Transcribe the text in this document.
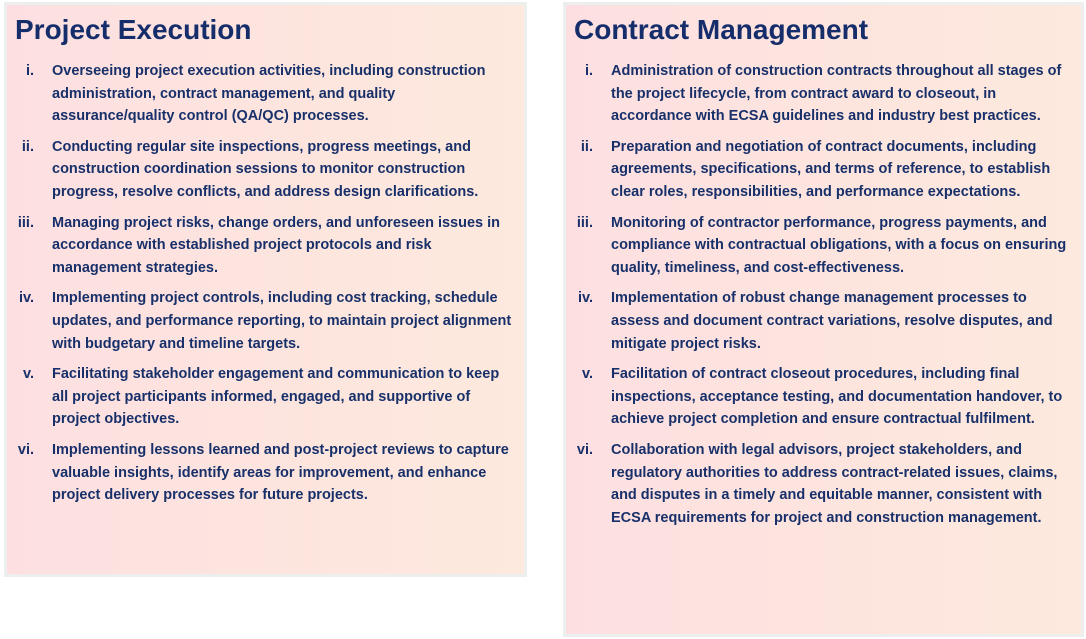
Project Execution
i. Overseeing project execution activities, including construction administration, contract management, and quality assurance/quality control (QA/QC) processes.
ii. Conducting regular site inspections, progress meetings, and construction coordination sessions to monitor construction progress, resolve conflicts, and address design clarifications.
iii. Managing project risks, change orders, and unforeseen issues in accordance with established project protocols and risk management strategies.
iv. Implementing project controls, including cost tracking, schedule updates, and performance reporting, to maintain project alignment with budgetary and timeline targets.
v. Facilitating stakeholder engagement and communication to keep all project participants informed, engaged, and supportive of project objectives.
vi. Implementing lessons learned and post-project reviews to capture valuable insights, identify areas for improvement, and enhance project delivery processes for future projects.
Contract Management
i. Administration of construction contracts throughout all stages of the project lifecycle, from contract award to closeout, in accordance with ECSA guidelines and industry best practices.
ii. Preparation and negotiation of contract documents, including agreements, specifications, and terms of reference, to establish clear roles, responsibilities, and performance expectations.
iii. Monitoring of contractor performance, progress payments, and compliance with contractual obligations, with a focus on ensuring quality, timeliness, and cost-effectiveness.
iv. Implementation of robust change management processes to assess and document contract variations, resolve disputes, and mitigate project risks.
v. Facilitation of contract closeout procedures, including final inspections, acceptance testing, and documentation handover, to achieve project completion and ensure contractual fulfilment.
vi. Collaboration with legal advisors, project stakeholders, and regulatory authorities to address contract-related issues, claims, and disputes in a timely and equitable manner, consistent with ECSA requirements for project and construction management.
